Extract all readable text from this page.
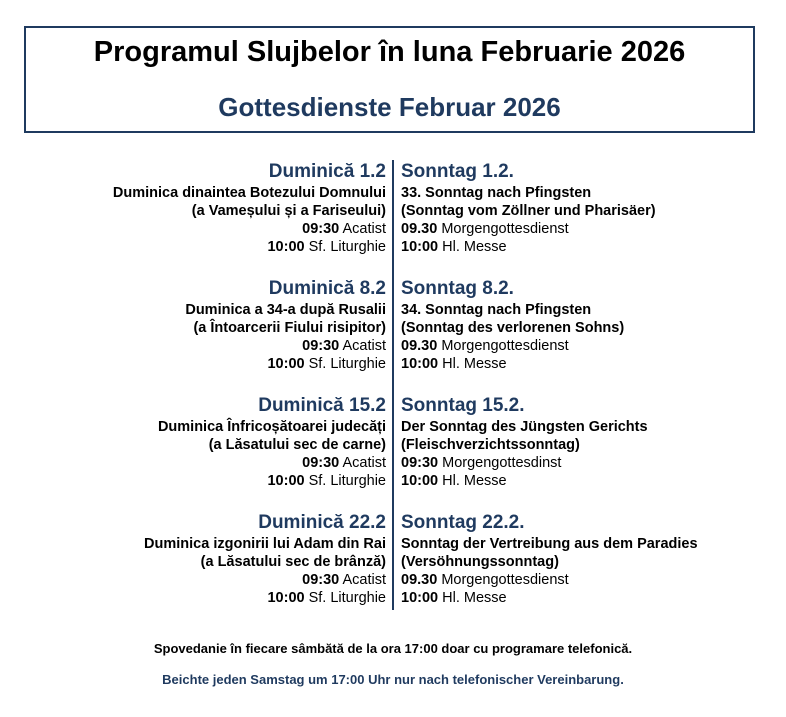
Programul Slujbelor în luna Februarie 2026
Gottesdienste Februar 2026
Duminică 1.2
Duminica dinaintea Botezului Domnului
(a Vameșului și a Fariseului)
09:30 Acatist
10:00 Sf. Liturghie
Sonntag 1.2.
33. Sonntag nach Pfingsten
(Sonntag vom Zöllner und Pharisäer)
09.30 Morgengottesdienst
10:00 Hl. Messe
Duminică 8.2
Duminica a 34-a după Rusalii
(a Întoarcerii Fiului risipitor)
09:30 Acatist
10:00 Sf. Liturghie
Sonntag 8.2.
34. Sonntag nach Pfingsten
(Sonntag des verlorenen Sohns)
09.30 Morgengottesdienst
10:00 Hl. Messe
Duminică 15.2
Duminica Înfricoșătoarei judecăți
(a Lăsatului sec de carne)
09:30 Acatist
10:00 Sf. Liturghie
Sonntag 15.2.
Der Sonntag des Jüngsten Gerichts
(Fleischverzichtssonntag)
09:30 Morgengottesdinst
10:00 Hl. Messe
Duminică 22.2
Duminica izgonirii lui Adam din Rai
(a Lăsatului sec de brânză)
09:30 Acatist
10:00 Sf. Liturghie
Sonntag 22.2.
Sonntag der Vertreibung aus dem Paradies
(Versöhnungssonntag)
09.30 Morgengottesdienst
10:00 Hl. Messe
Spovedanie în fiecare sâmbătă de la ora 17:00 doar cu programare telefonică.
Beichte jeden Samstag um 17:00 Uhr nur nach telefonischer Vereinbarung.
